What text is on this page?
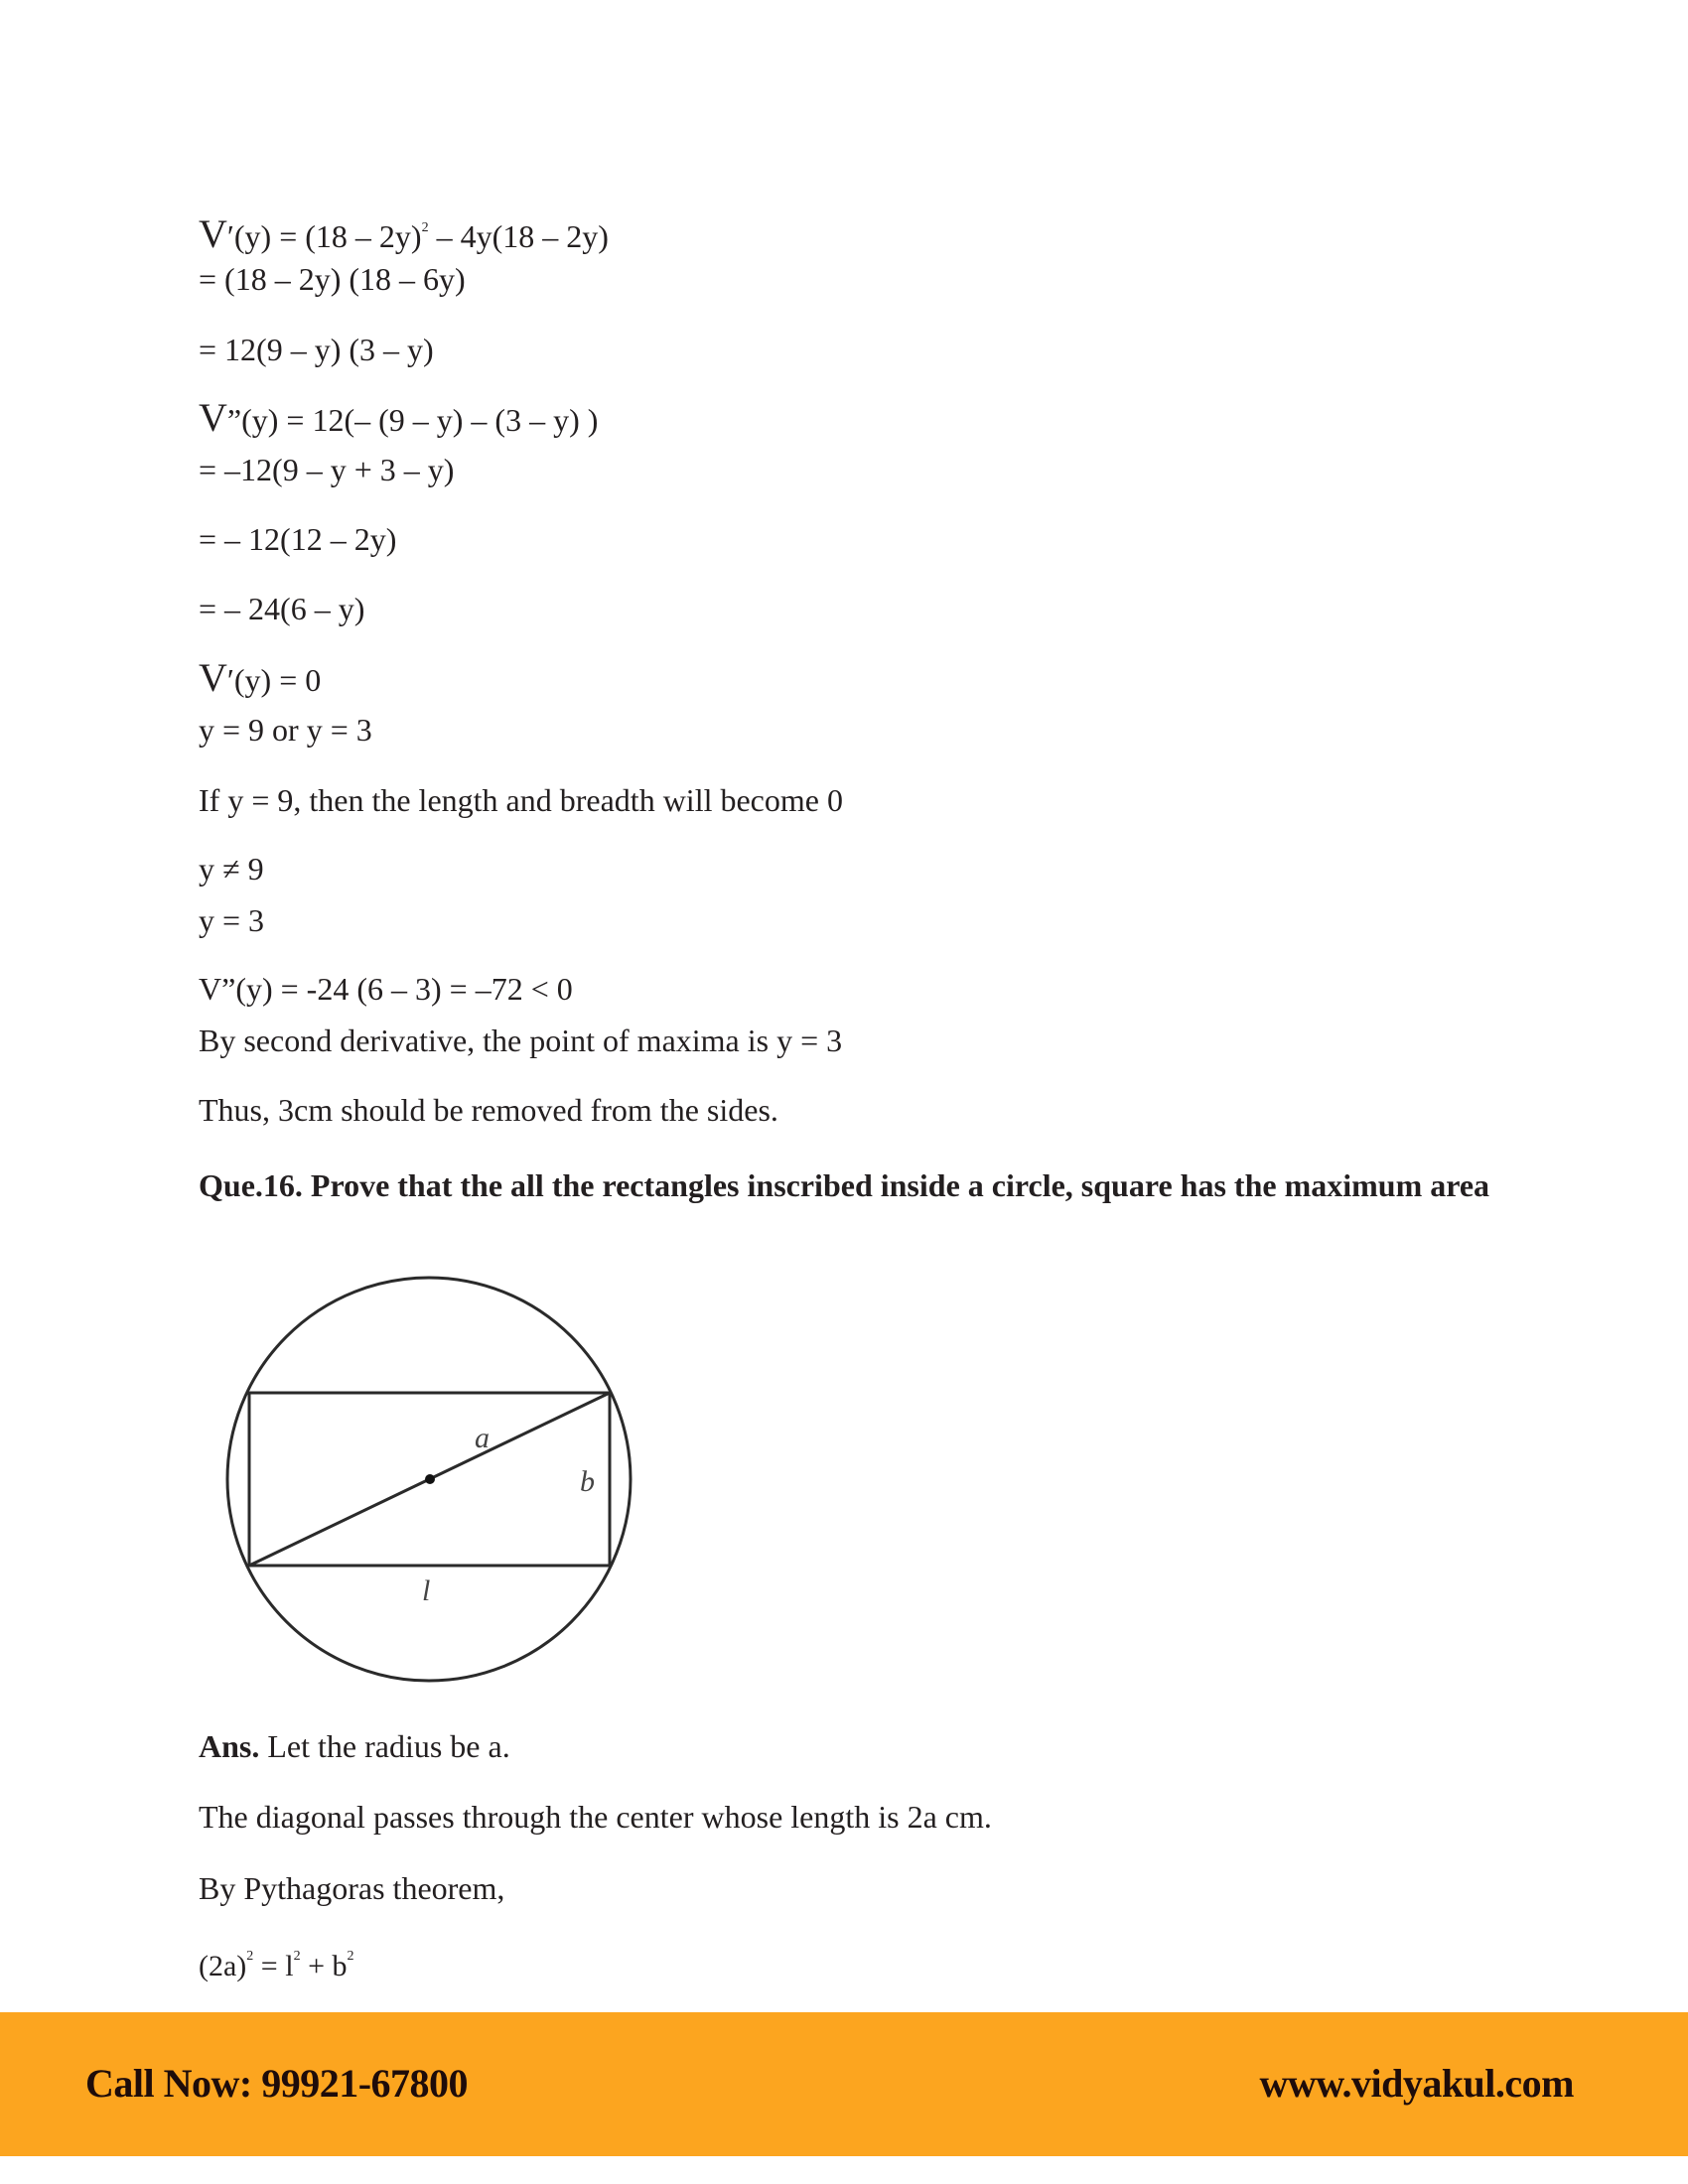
V′(y) = (18 – 2y)$^2$ – 4y(18 – 2y)
= (18 – 2y) (18 – 6y)
= 12(9 – y) (3 – y)
V”(y) = 12(– (9 – y) – (3 – y) )
= –12(9 – y + 3 – y)
= – 12(12 – 2y)
= – 24(6 – y)
V′(y) = 0
y = 9 or y = 3
If y = 9, then the length and breadth will become 0
y ≠ 9
y = 3
V”(y) = -24 (6 – 3) = –72 < 0
By second derivative, the point of maxima is y = 3
Thus, 3cm should be removed from the sides.
Que.16. Prove that the all the rectangles inscribed inside a circle, square has the maximum area
a
b
l
Ans. Let the radius be a.
The diagonal passes through the center whose length is 2a cm.
By Pythagoras theorem,
$(2a)^2 = l^2 + b^2$
Call Now: 99921-67800	www.vidyakul.com
